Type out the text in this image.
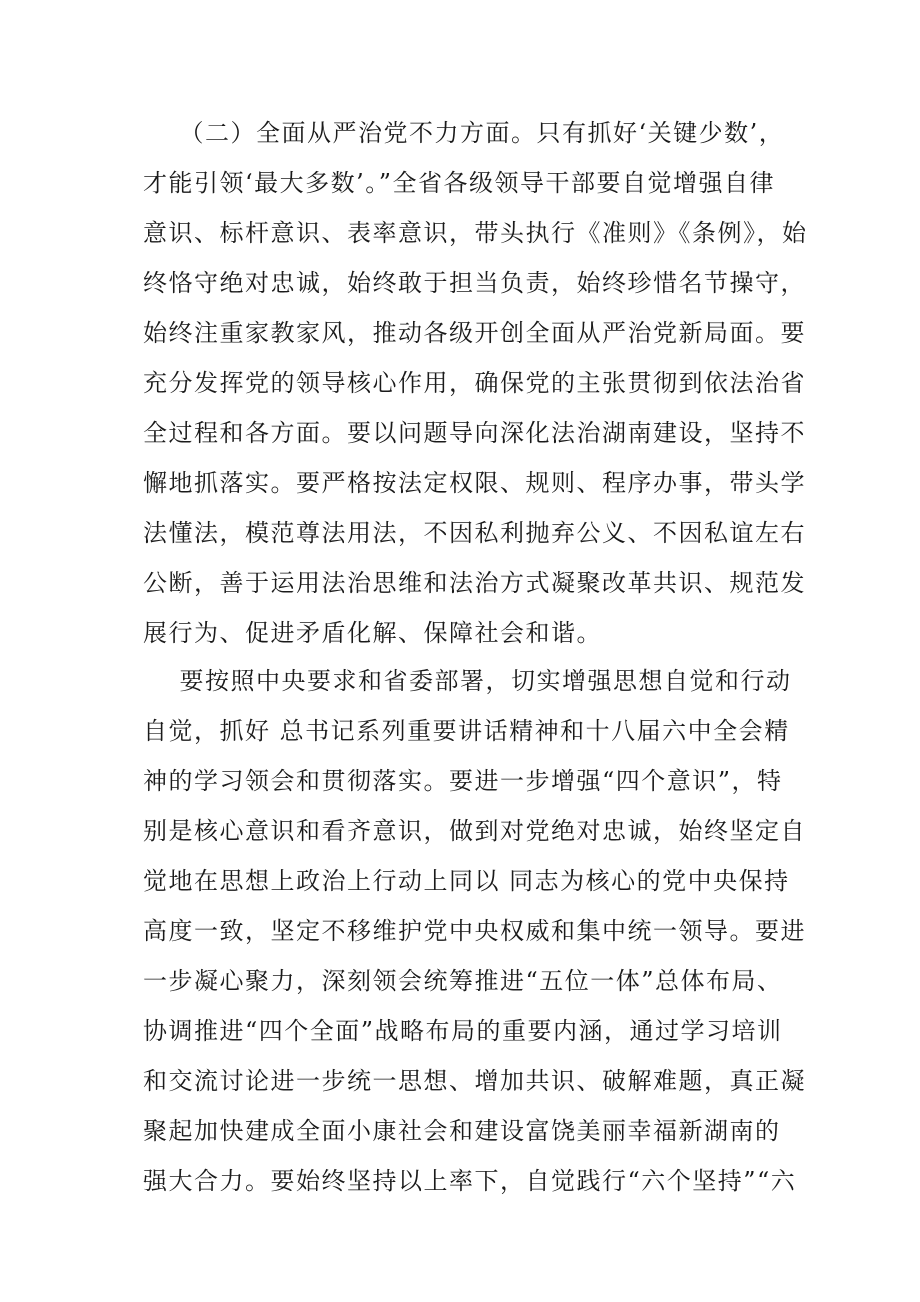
（二）全面从严治党不力方面。只有抓好‘关键少数’，
才能引领‘最大多数’。”全省各级领导干部要自觉增强自律
意识、标杆意识、表率意识，带头执行《准则》《条例》，始
终恪守绝对忠诚，始终敢于担当负责，始终珍惜名节操守，
始终注重家教家风，推动各级开创全面从严治党新局面。要
充分发挥党的领导核心作用，确保党的主张贯彻到依法治省
全过程和各方面。要以问题导向深化法治湖南建设，坚持不
懈地抓落实。要严格按法定权限、规则、程序办事，带头学
法懂法，模范尊法用法，不因私利抛弃公义、不因私谊左右
公断，善于运用法治思维和法治方式凝聚改革共识、规范发
展行为、促进矛盾化解、保障社会和谐。
要按照中央要求和省委部署，切实增强思想自觉和行动
自觉，抓好 总书记系列重要讲话精神和十八届六中全会精
神的学习领会和贯彻落实。要进一步增强“四个意识”，特
别是核心意识和看齐意识，做到对党绝对忠诚，始终坚定自
觉地在思想上政治上行动上同以 同志为核心的党中央保持
高度一致，坚定不移维护党中央权威和集中统一领导。要进
一步凝心聚力，深刻领会统筹推进“五位一体”总体布局、
协调推进“四个全面”战略布局的重要内涵，通过学习培训
和交流讨论进一步统一思想、增加共识、破解难题，真正凝
聚起加快建成全面小康社会和建设富饶美丽幸福新湖南的
强大合力。要始终坚持以上率下，自觉践行“六个坚持”“六
